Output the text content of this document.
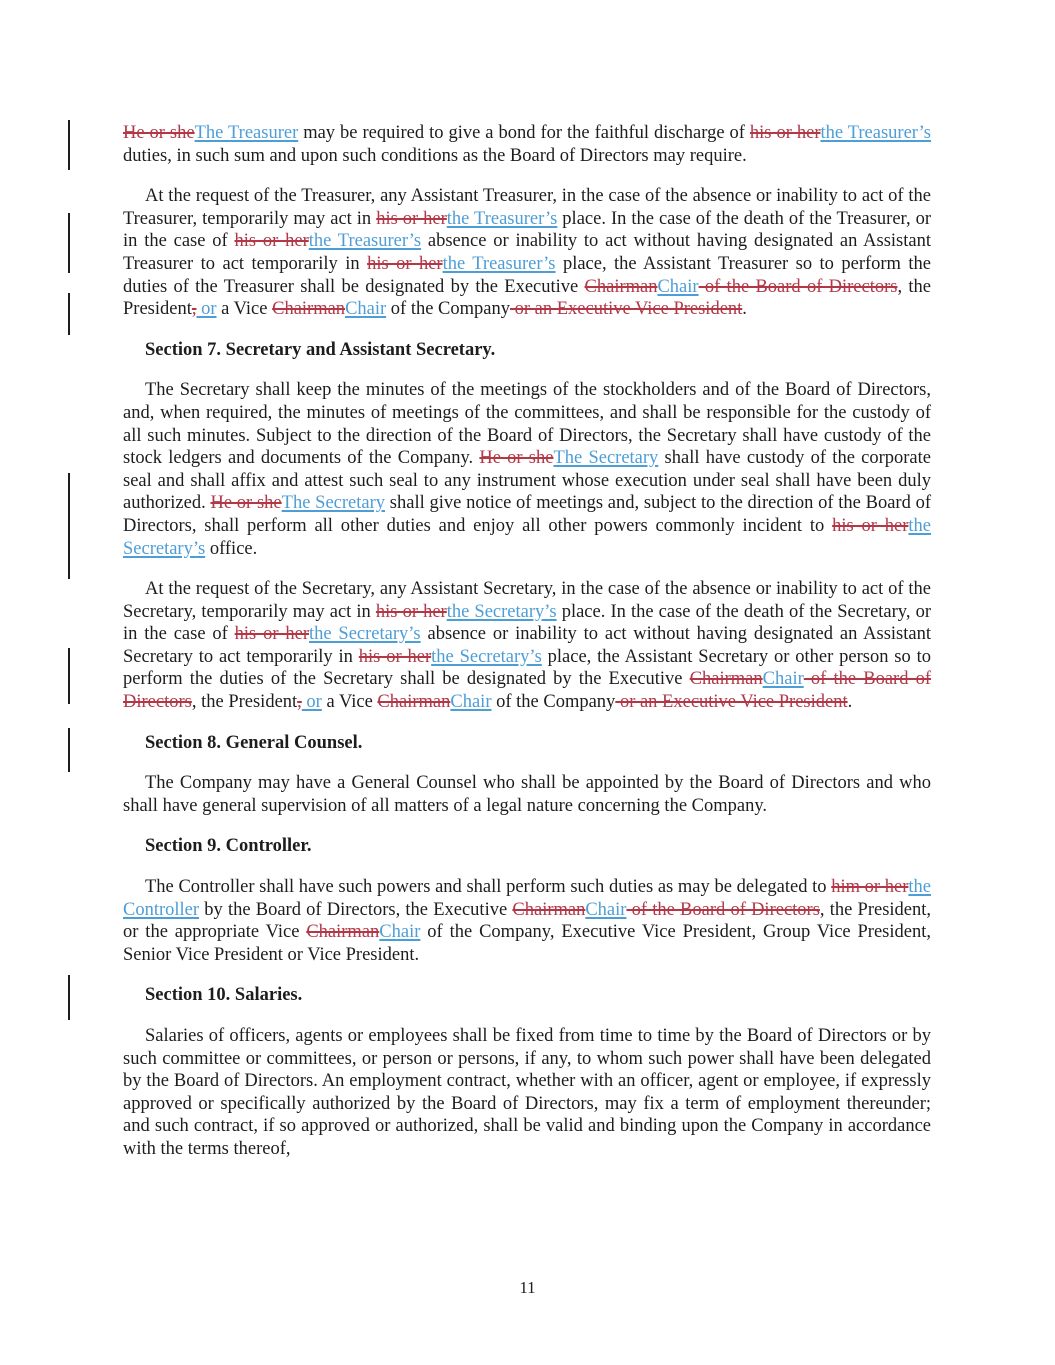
He or sheThe Treasurer may be required to give a bond for the faithful discharge of his or herthe Treasurer’s duties, in such sum and upon such conditions as the Board of Directors may require.

At the request of the Treasurer, any Assistant Treasurer, in the case of the absence or inability to act of the Treasurer, temporarily may act in his or herthe Treasurer’s place. In the case of the death of the Treasurer, or in the case of his or herthe Treasurer’s absence or inability to act without having designated an Assistant Treasurer to act temporarily in his or herthe Treasurer’s place, the Assistant Treasurer so to perform the duties of the Treasurer shall be designated by the Executive ChairmanChair of the Board of Directors, the President, or a Vice ChairmanChair of the Company or an Executive Vice President.

Section 7. Secretary and Assistant Secretary.

The Secretary shall keep the minutes of the meetings of the stockholders and of the Board of Directors, and, when required, the minutes of meetings of the committees, and shall be responsible for the custody of all such minutes. Subject to the direction of the Board of Directors, the Secretary shall have custody of the stock ledgers and documents of the Company. He or sheThe Secretary shall have custody of the corporate seal and shall affix and attest such seal to any instrument whose execution under seal shall have been duly authorized. He or sheThe Secretary shall give notice of meetings and, subject to the direction of the Board of Directors, shall perform all other duties and enjoy all other powers commonly incident to his or herthe Secretary’s office.

At the request of the Secretary, any Assistant Secretary, in the case of the absence or inability to act of the Secretary, temporarily may act in his or herthe Secretary’s place. In the case of the death of the Secretary, or in the case of his or herthe Secretary’s absence or inability to act without having designated an Assistant Secretary to act temporarily in his or herthe Secretary’s place, the Assistant Secretary or other person so to perform the duties of the Secretary shall be designated by the Executive ChairmanChair of the Board of Directors, the President, or a Vice ChairmanChair of the Company or an Executive Vice President.

Section 8. General Counsel.

The Company may have a General Counsel who shall be appointed by the Board of Directors and who shall have general supervision of all matters of a legal nature concerning the Company.

Section 9. Controller.

The Controller shall have such powers and shall perform such duties as may be delegated to him or herthe Controller by the Board of Directors, the Executive ChairmanChair of the Board of Directors, the President, or the appropriate Vice ChairmanChair of the Company, Executive Vice President, Group Vice President, Senior Vice President or Vice President.

Section 10. Salaries.

Salaries of officers, agents or employees shall be fixed from time to time by the Board of Directors or by such committee or committees, or person or persons, if any, to whom such power shall have been delegated by the Board of Directors. An employment contract, whether with an officer, agent or employee, if expressly approved or specifically authorized by the Board of Directors, may fix a term of employment thereunder; and such contract, if so approved or authorized, shall be valid and binding upon the Company in accordance with the terms thereof,

11
